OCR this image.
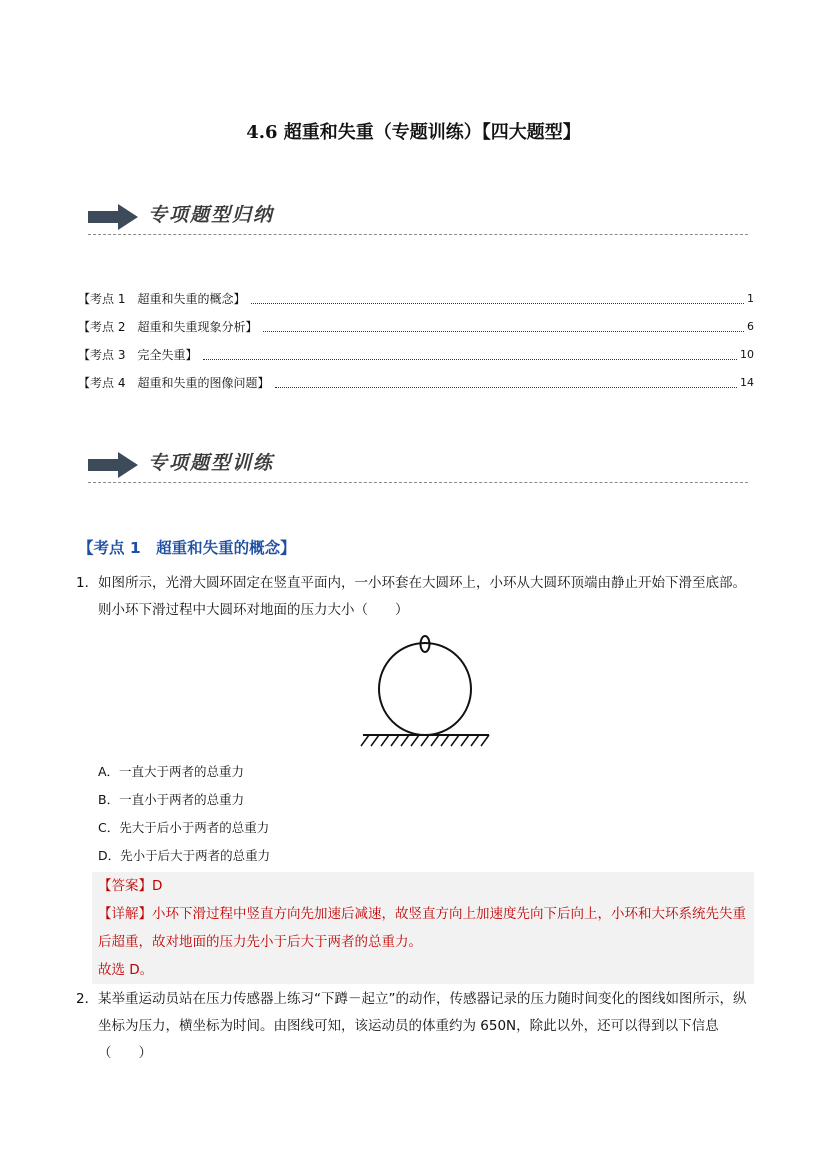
4.6 超重和失重（专题训练）【四大题型】
专项题型归纳
【考点 1　超重和失重的概念】	1
【考点 2　超重和失重现象分析】	6
【考点 3　完全失重】	10
【考点 4　超重和失重的图像问题】	14
专项题型训练
【考点 1　超重和失重的概念】
1． 如图所示，光滑大圆环固定在竖直平面内，一小环套在大圆环上，小环从大圆环顶端由静止开始下滑至底部。则小环下滑过程中大圆环对地面的压力大小（　　）
A．一直大于两者的总重力
B．一直小于两者的总重力
C．先大于后小于两者的总重力
D．先小于后大于两者的总重力
【答案】D
【详解】小环下滑过程中竖直方向先加速后减速，故竖直方向上加速度先向下后向上，小环和大环系统先失重后超重，故对地面的压力先小于后大于两者的总重力。
故选 D。
2． 某举重运动员站在压力传感器上练习“下蹲－起立”的动作，传感器记录的压力随时间变化的图线如图所示，纵坐标为压力，横坐标为时间。由图线可知，该运动员的体重约为 650N，除此以外，还可以得到以下信息（　　）
